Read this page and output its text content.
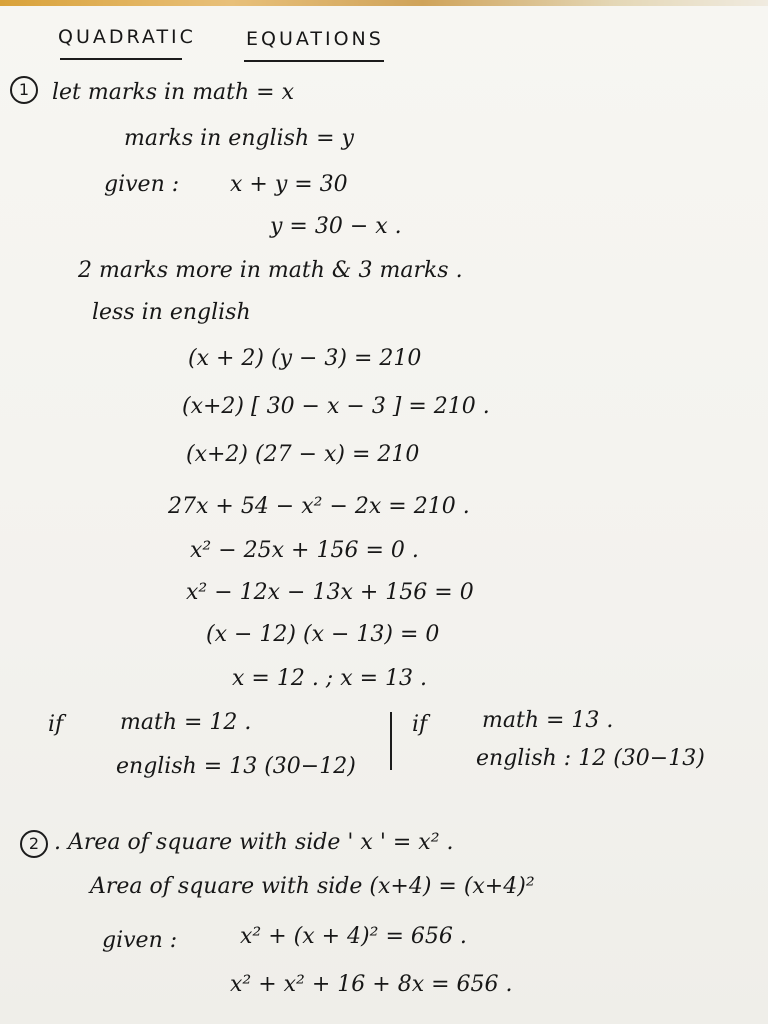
QUADRATIC	EQUATIONS
1	let marks in math = x
marks in english = y
given : x + y = 30
y = 30 − x .
2 marks more in math & 3 marks .
less in english
(x + 2) (y − 3) = 210
(x+2) [ 30 − x − 3 ] = 210 .
(x+2) (27 − x) = 210
27x + 54 − x² − 2x = 210 .
x² − 25x + 156 = 0 .
x² − 12x − 13x + 156 = 0
(x − 12) (x − 13) = 0
x = 12 . ; x = 13 .
if	math = 12 .
english = 13 (30−12)
if math = 13 .
english : 12 (30−13)
2 . Area of square with side ' x ' = x² .
Area of square with side (x+4) = (x+4)²
given :	x² + (x + 4)² = 656 .
x² + x² + 16 + 8x = 656 .
